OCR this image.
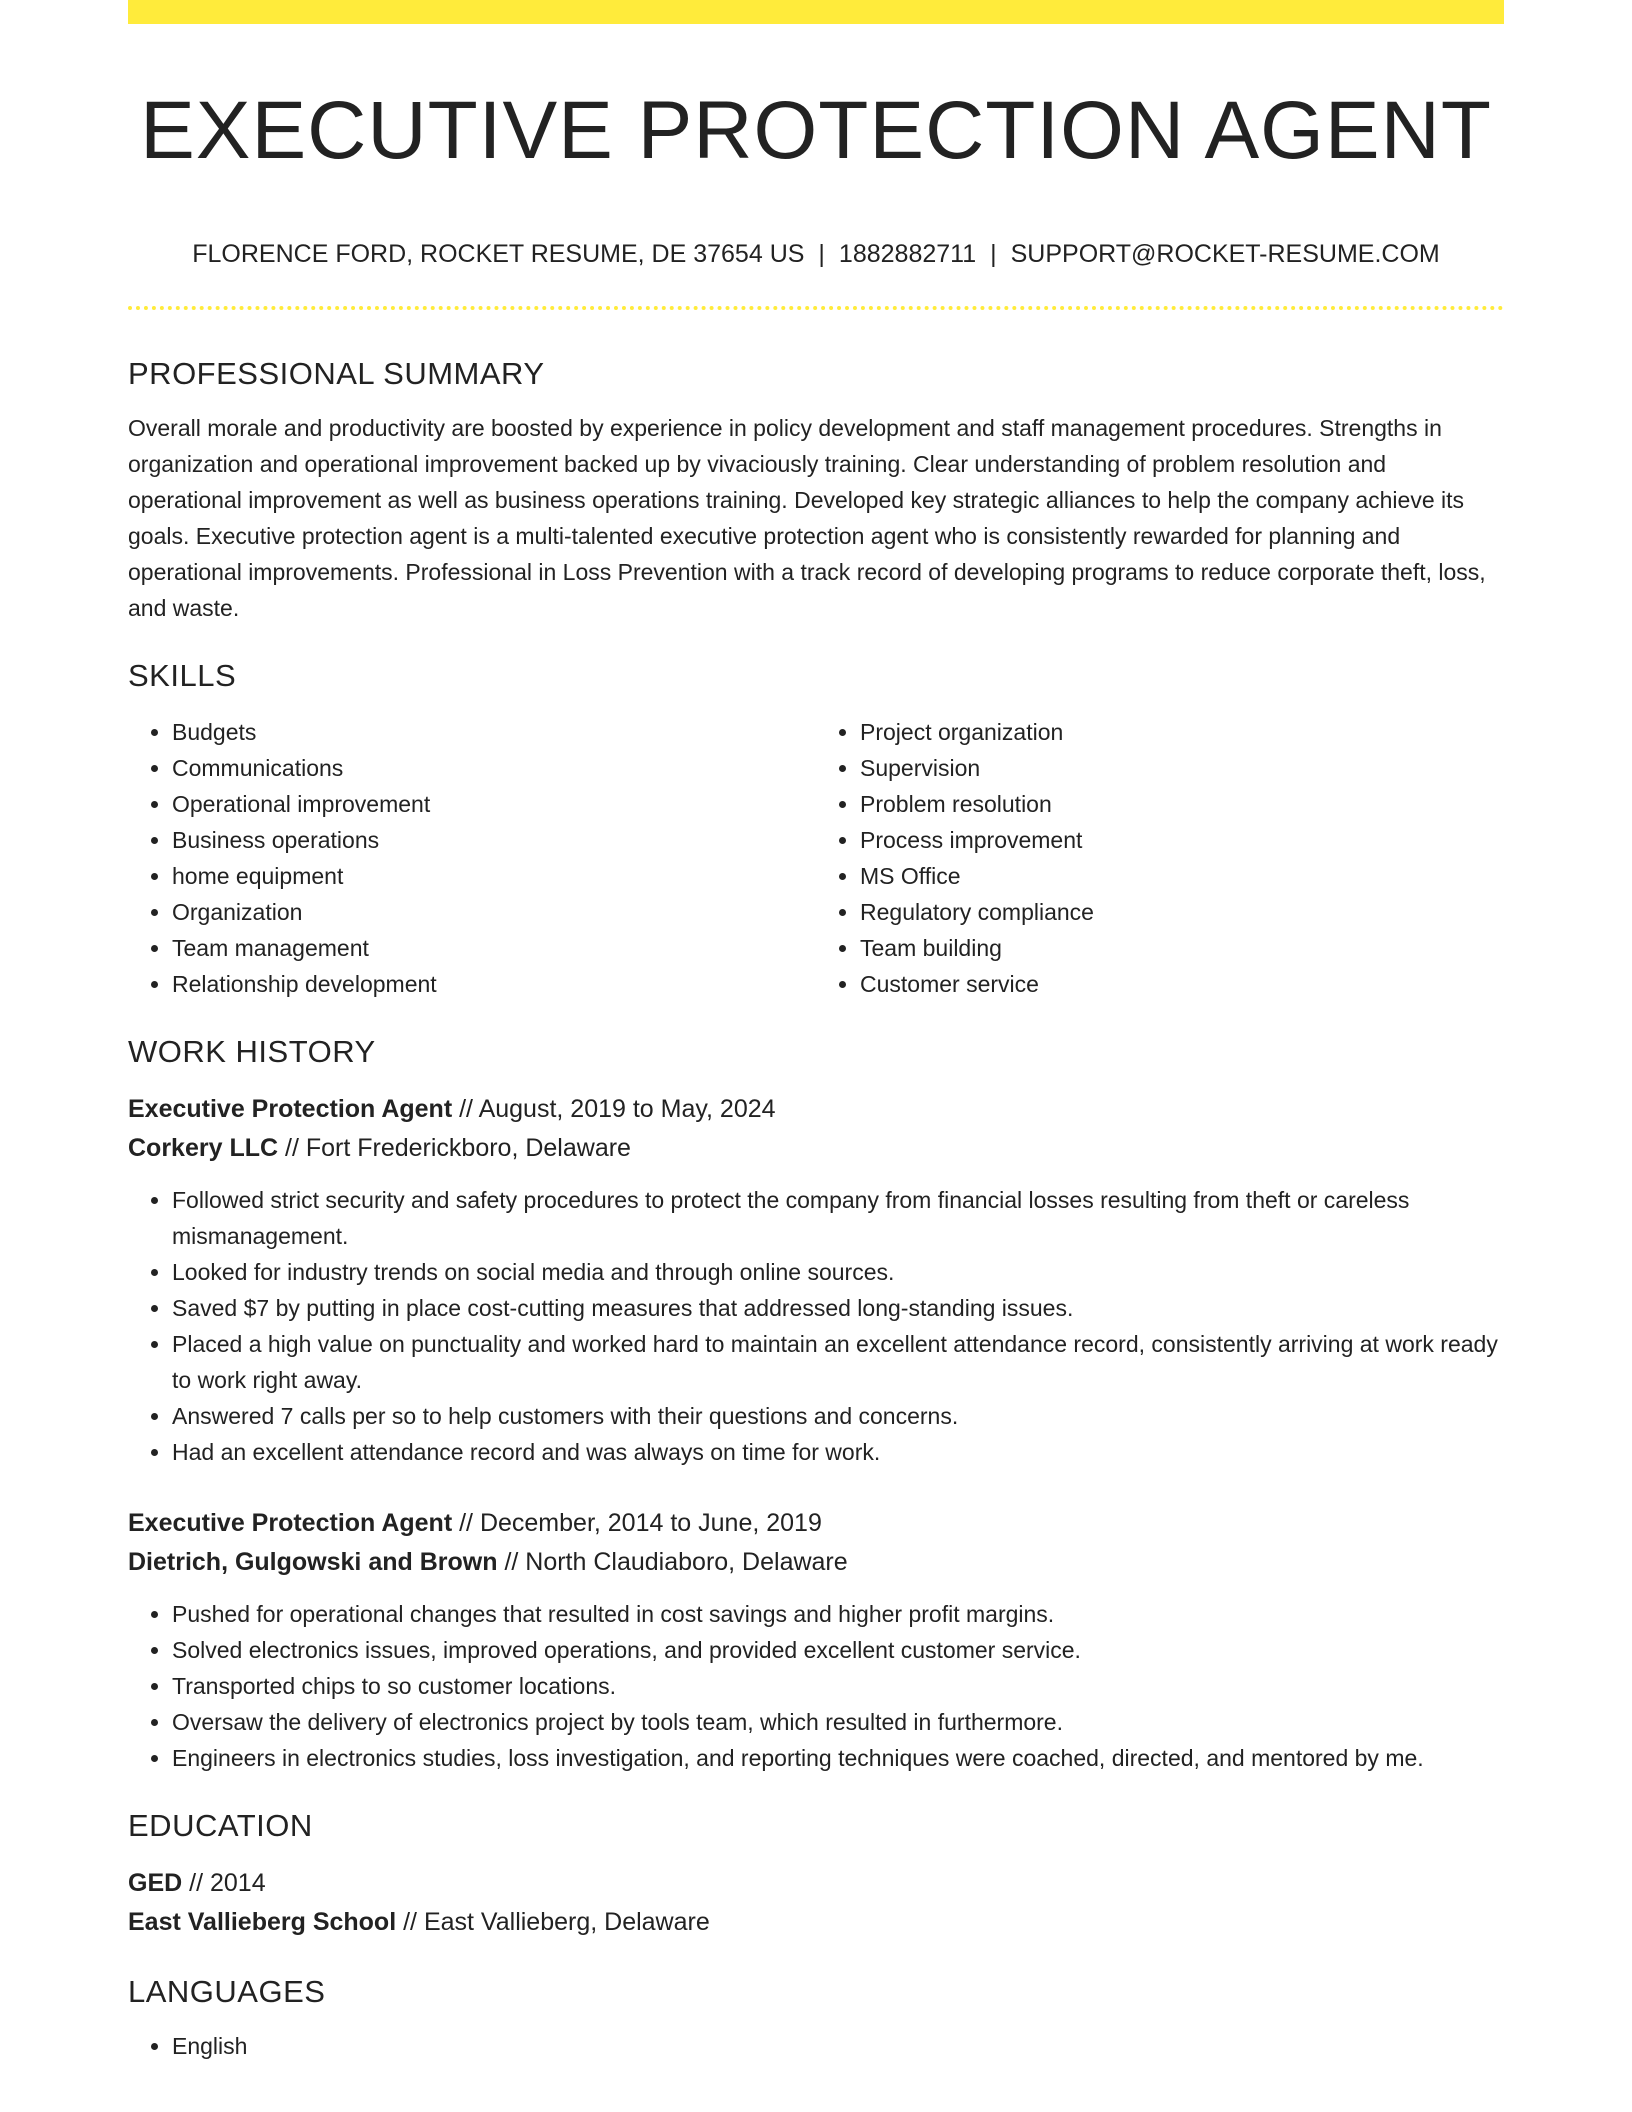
EXECUTIVE PROTECTION AGENT
FLORENCE FORD, ROCKET RESUME, DE 37654 US | 1882882711 | SUPPORT@ROCKET-RESUME.COM
PROFESSIONAL SUMMARY

Overall morale and productivity are boosted by experience in policy development and staff management procedures. Strengths in organization and operational improvement backed up by vivaciously training. Clear understanding of problem resolution and operational improvement as well as business operations training. Developed key strategic alliances to help the company achieve its goals. Executive protection agent is a multi-talented executive protection agent who is consistently rewarded for planning and operational improvements. Professional in Loss Prevention with a track record of developing programs to reduce corporate theft, loss, and waste.

SKILLS
• Budgets
• Communications
• Operational improvement
• Business operations
• home equipment
• Organization
• Team management
• Relationship development
• Project organization
• Supervision
• Problem resolution
• Process improvement
• MS Office
• Regulatory compliance
• Team building
• Customer service
WORK HISTORY
Executive Protection Agent // August, 2019 to May, 2024
Corkery LLC // Fort Frederickboro, Delaware
• Followed strict security and safety procedures to protect the company from financial losses resulting from theft or careless mismanagement.
• Looked for industry trends on social media and through online sources.
• Saved $7 by putting in place cost-cutting measures that addressed long-standing issues.
• Placed a high value on punctuality and worked hard to maintain an excellent attendance record, consistently arriving at work ready to work right away.
• Answered 7 calls per so to help customers with their questions and concerns.
• Had an excellent attendance record and was always on time for work.
Executive Protection Agent // December, 2014 to June, 2019
Dietrich, Gulgowski and Brown // North Claudiaboro, Delaware
• Pushed for operational changes that resulted in cost savings and higher profit margins.
• Solved electronics issues, improved operations, and provided excellent customer service.
• Transported chips to so customer locations.
• Oversaw the delivery of electronics project by tools team, which resulted in furthermore.
• Engineers in electronics studies, loss investigation, and reporting techniques were coached, directed, and mentored by me.
EDUCATION
GED // 2014
East Vallieberg School // East Vallieberg, Delaware
LANGUAGES
• English
